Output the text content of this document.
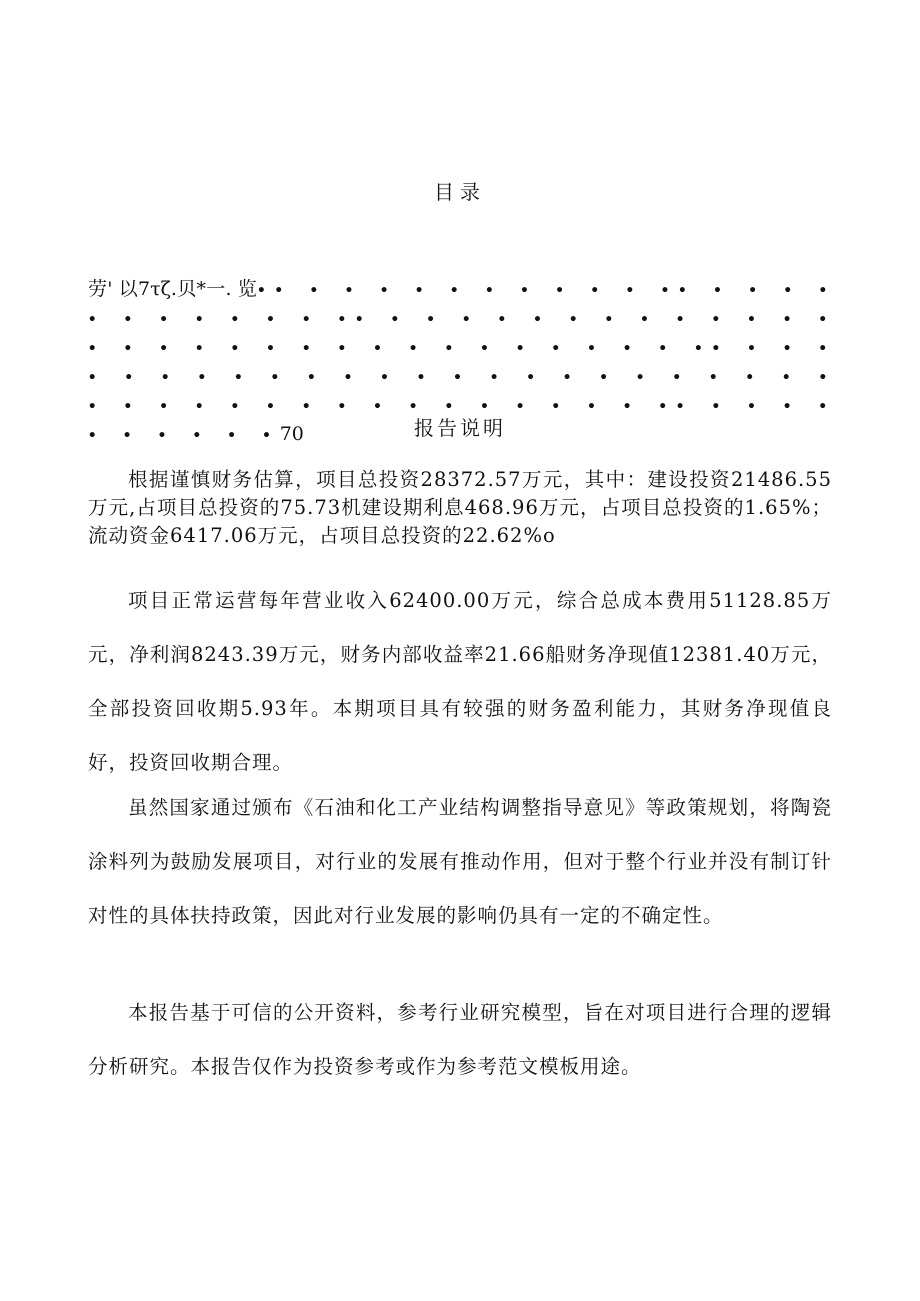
目录
劳' 以7τζ.贝*一. 览•• • • • • • • • • • • •• • • • • • • • • • • • •• • • • • • • • • • • • • • • • • • • • • • • • • • • • • • • •• • • • • • • • • • • • • • • • • • • • • • • • • • • • • • • • • • • • • • • • • •• • • • • • • • • • •70	报告说明
根据谨慎财务估算，项目总投资28372.57万元，其中：建设投资21486.55万元,占项目总投资的75.73机建设期利息468.96万元，占项目总投资的1.65%；流动资金6417.06万元，占项目总投资的22.62%o
项目正常运营每年营业收入62400.00万元，综合总成本费用51128.85万元，净利润8243.39万元，财务内部收益率21.66船财务净现值12381.40万元，全部投资回收期5.93年。本期项目具有较强的财务盈利能力，其财务净现值良好，投资回收期合理。
虽然国家通过颁布《石油和化工产业结构调整指导意见》等政策规划，将陶瓷涂料列为鼓励发展项目，对行业的发展有推动作用，但对于整个行业并没有制订针对性的具体扶持政策，因此对行业发展的影响仍具有一定的不确定性。
本报告基于可信的公开资料，参考行业研究模型，旨在对项目进行合理的逻辑分析研究。本报告仅作为投资参考或作为参考范文模板用途。
